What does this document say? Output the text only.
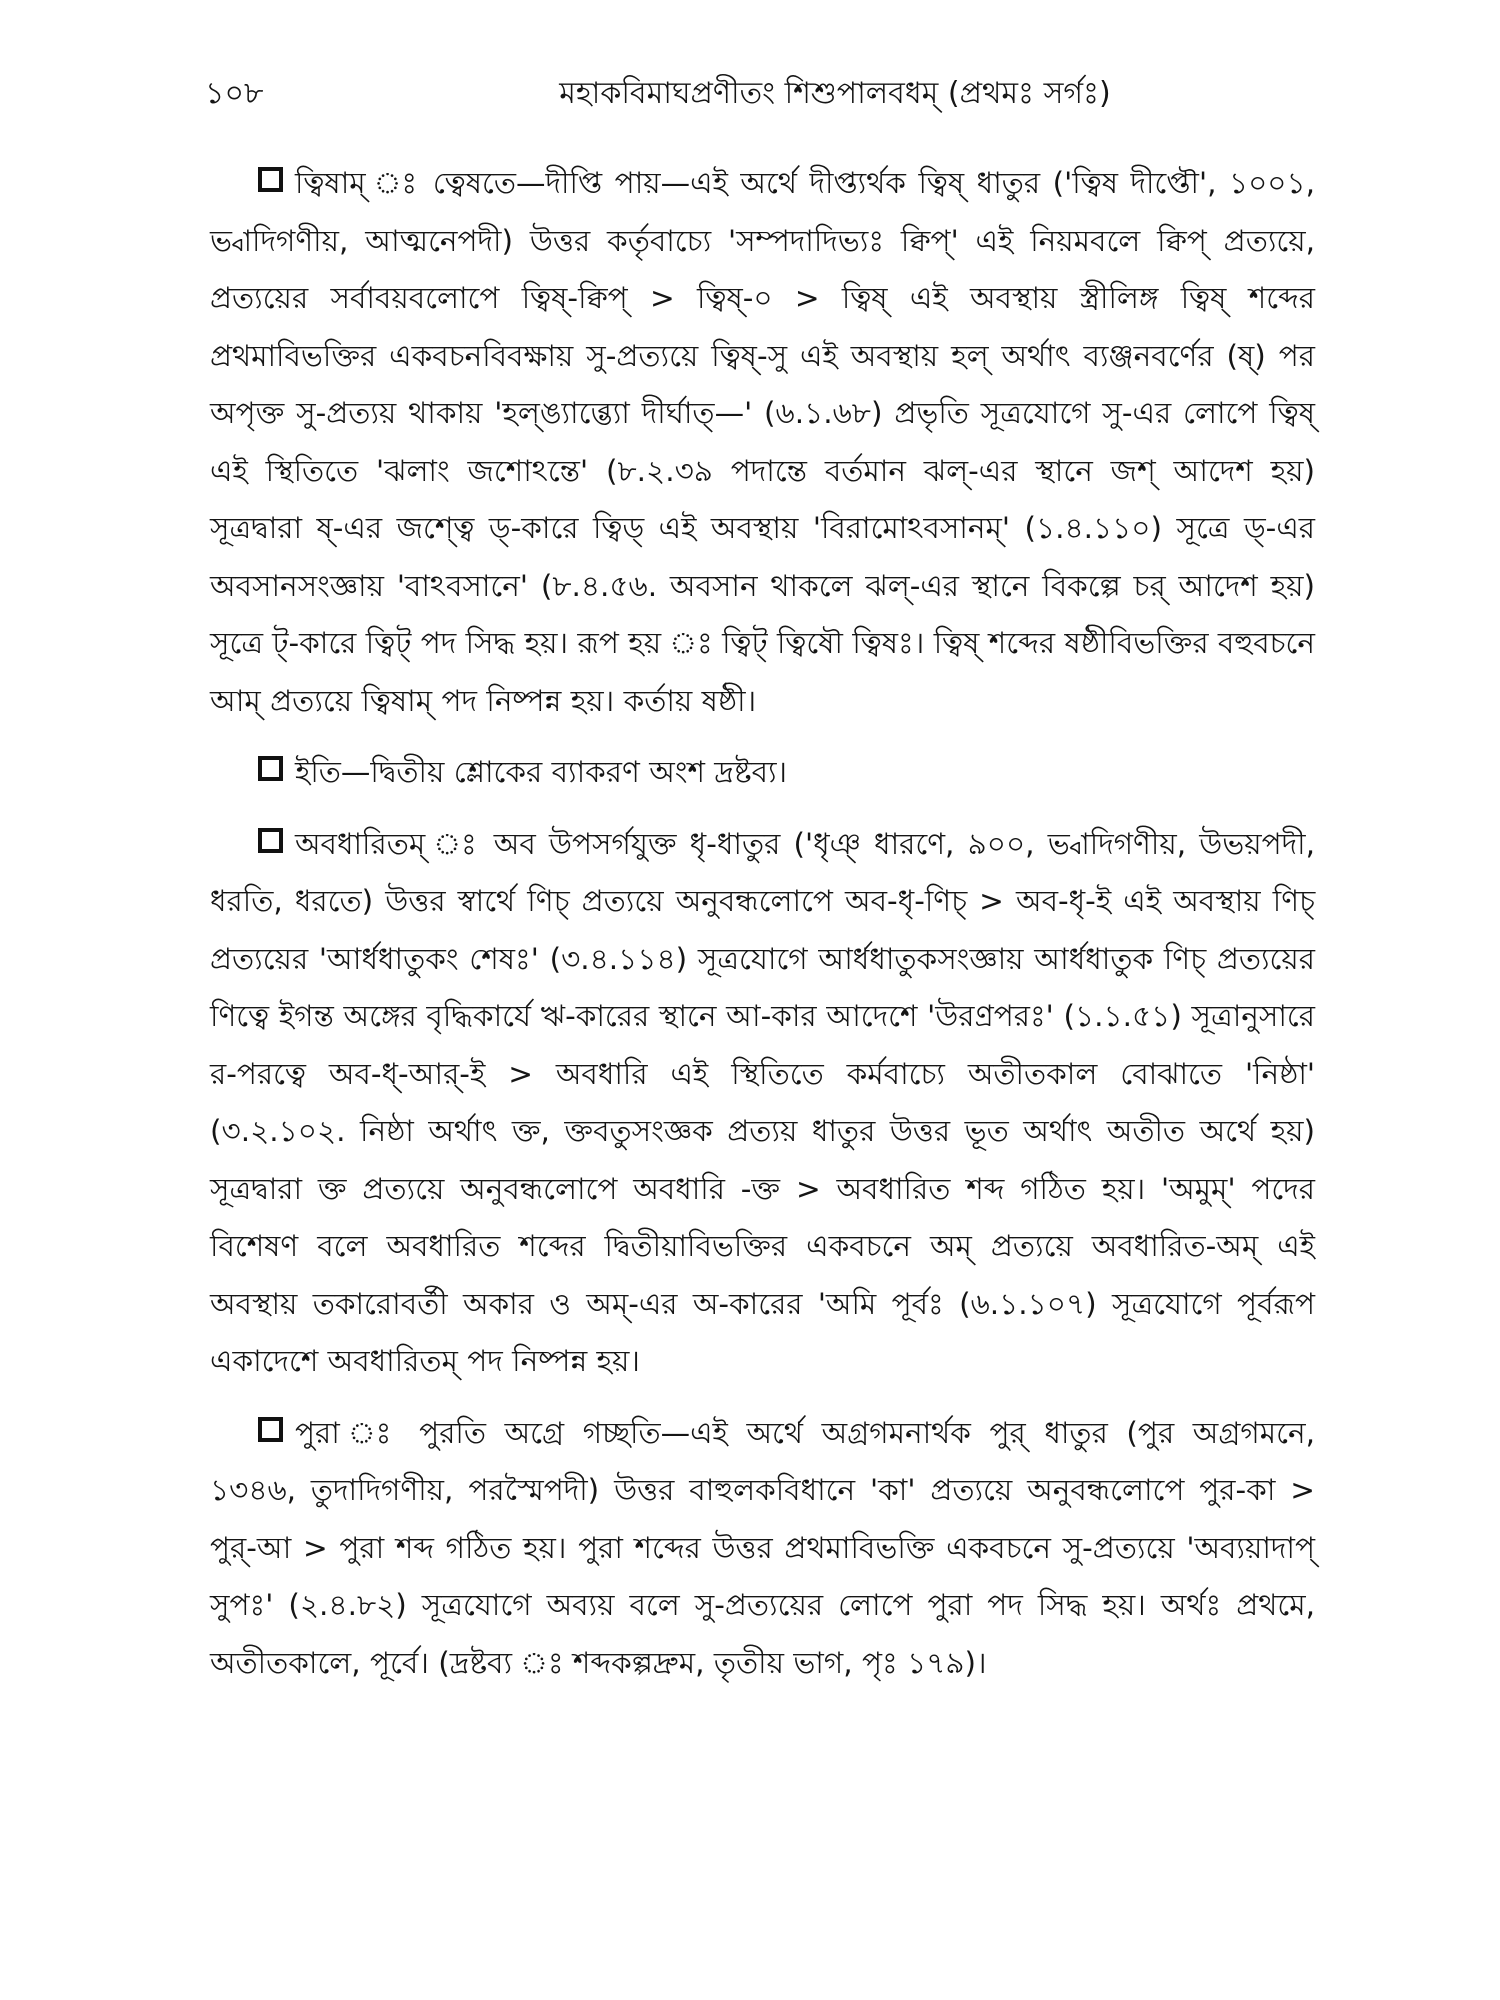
১০৮	মহাকবিমাঘপ্রণীতং শিশুপালবধম্ (প্রথমঃ সর্গঃ)

ত্বিষাম্ ঃ ত্বেষতে—দীপ্তি পায়—এই অর্থে দীপ্ত্যর্থক ত্বিষ্ ধাতুর ('ত্বিষ দীপ্তৌ', ১০০১, ভ্বাদিগণীয়, আত্মনেপদী) উত্তর কর্তৃবাচ্যে 'সম্পদাদিভ্যঃ ক্বিপ্' এই নিয়মবলে ক্বিপ্ প্রত্যয়ে, প্রত্যয়ের সর্বাবয়বলোপে ত্বিষ্-ক্বিপ্ > ত্বিষ্-০ > ত্বিষ্ এই অবস্থায় স্ত্রীলিঙ্গ ত্বিষ্ শব্দের প্রথমাবিভক্তির একবচনবিবক্ষায় সু-প্রত্যয়ে ত্বিষ্-সু এই অবস্থায় হল্ অর্থাৎ ব্যঞ্জনবর্ণের (ষ্) পর অপৃক্ত সু-প্রত্যয় থাকায় 'হল্ঙ্যাব্ভ্যো দীর্ঘাত্—' (৬.১.৬৮) প্রভৃতি সূত্রযোগে সু-এর লোপে ত্বিষ্ এই স্থিতিতে 'ঝলাং জশোঽন্তে' (৮.২.৩৯ পদান্তে বর্তমান ঝল্-এর স্থানে জশ্ আদেশ হয়) সূত্রদ্বারা ষ্-এর জশ্ত্বে ড্-কারে ত্বিড্ এই অবস্থায় 'বিরামোঽবসানম্' (১.৪.১১০) সূত্রে ড্-এর অবসানসংজ্ঞায় 'বাঽবসানে' (৮.৪.৫৬. অবসান থাকলে ঝল্-এর স্থানে বিকল্পে চর্ আদেশ হয়) সূত্রে ট্-কারে ত্বিট্ পদ সিদ্ধ হয়। রূপ হয় ঃ ত্বিট্ ত্বিষৌ ত্বিষঃ। ত্বিষ্ শব্দের ষষ্ঠীবিভক্তির বহুবচনে আম্ প্রত্যয়ে ত্বিষাম্ পদ নিষ্পন্ন হয়। কর্তায় ষষ্ঠী।

ইতি—দ্বিতীয় শ্লোকের ব্যাকরণ অংশ দ্রষ্টব্য।

অবধারিতম্ ঃ অব উপসর্গযুক্ত ধৃ-ধাতুর ('ধৃঞ্ ধারণে, ৯০০, ভ্বাদিগণীয়, উভয়পদী, ধরতি, ধরতে) উত্তর স্বার্থে ণিচ্ প্রত্যয়ে অনুবন্ধলোপে অব-ধৃ-ণিচ্ > অব-ধৃ-ই এই অবস্থায় ণিচ্ প্রত্যয়ের 'আর্ধধাতুকং শেষঃ' (৩.৪.১১৪) সূত্রযোগে আর্ধধাতুকসংজ্ঞায় আর্ধধাতুক ণিচ্ প্রত্যয়ের ণিত্বে ইগন্ত অঙ্গের বৃদ্ধিকার্যে ঋ-কারের স্থানে আ-কার আদেশে 'উরণ্রপরঃ' (১.১.৫১) সূত্রানুসারে র-পরত্বে অব-ধ্-আর্-ই > অবধারি এই স্থিতিতে কর্মবাচ্যে অতীতকাল বোঝাতে 'নিষ্ঠা' (৩.২.১০২. নিষ্ঠা অর্থাৎ ক্ত, ক্তবতুসংজ্ঞক প্রত্যয় ধাতুর উত্তর ভূত অর্থাৎ অতীত অর্থে হয়) সূত্রদ্বারা ক্ত প্রত্যয়ে অনুবন্ধলোপে অবধারি -ক্ত > অবধারিত শব্দ গঠিত হয়। 'অমুম্' পদের বিশেষণ বলে অবধারিত শব্দের দ্বিতীয়াবিভক্তির একবচনে অম্ প্রত্যয়ে অবধারিত-অম্ এই অবস্থায় তকারোবর্তী অকার ও অম্-এর অ-কারের 'অমি পূর্বঃ (৬.১.১০৭) সূত্রযোগে পূর্বরূপ একাদেশে অবধারিতম্ পদ নিষ্পন্ন হয়।

পুরা ঃ পুরতি অগ্রে গচ্ছতি—এই অর্থে অগ্রগমনার্থক পুর্ ধাতুর (পুর অগ্রগমনে, ১৩৪৬, তুদাদিগণীয়, পরস্মৈপদী) উত্তর বাহুলকবিধানে 'কা' প্রত্যয়ে অনুবন্ধলোপে পুর-কা > পুর্-আ > পুরা শব্দ গঠিত হয়। পুরা শব্দের উত্তর প্রথমাবিভক্তি একবচনে সু-প্রত্যয়ে 'অব্যয়াদাপ্ সুপঃ' (২.৪.৮২) সূত্রযোগে অব্যয় বলে সু-প্রত্যয়ের লোপে পুরা পদ সিদ্ধ হয়। অর্থঃ প্রথমে, অতীতকালে, পূর্বে। (দ্রষ্টব্য ঃ শব্দকল্পদ্রুম, তৃতীয় ভাগ, পৃঃ ১৭৯)।
